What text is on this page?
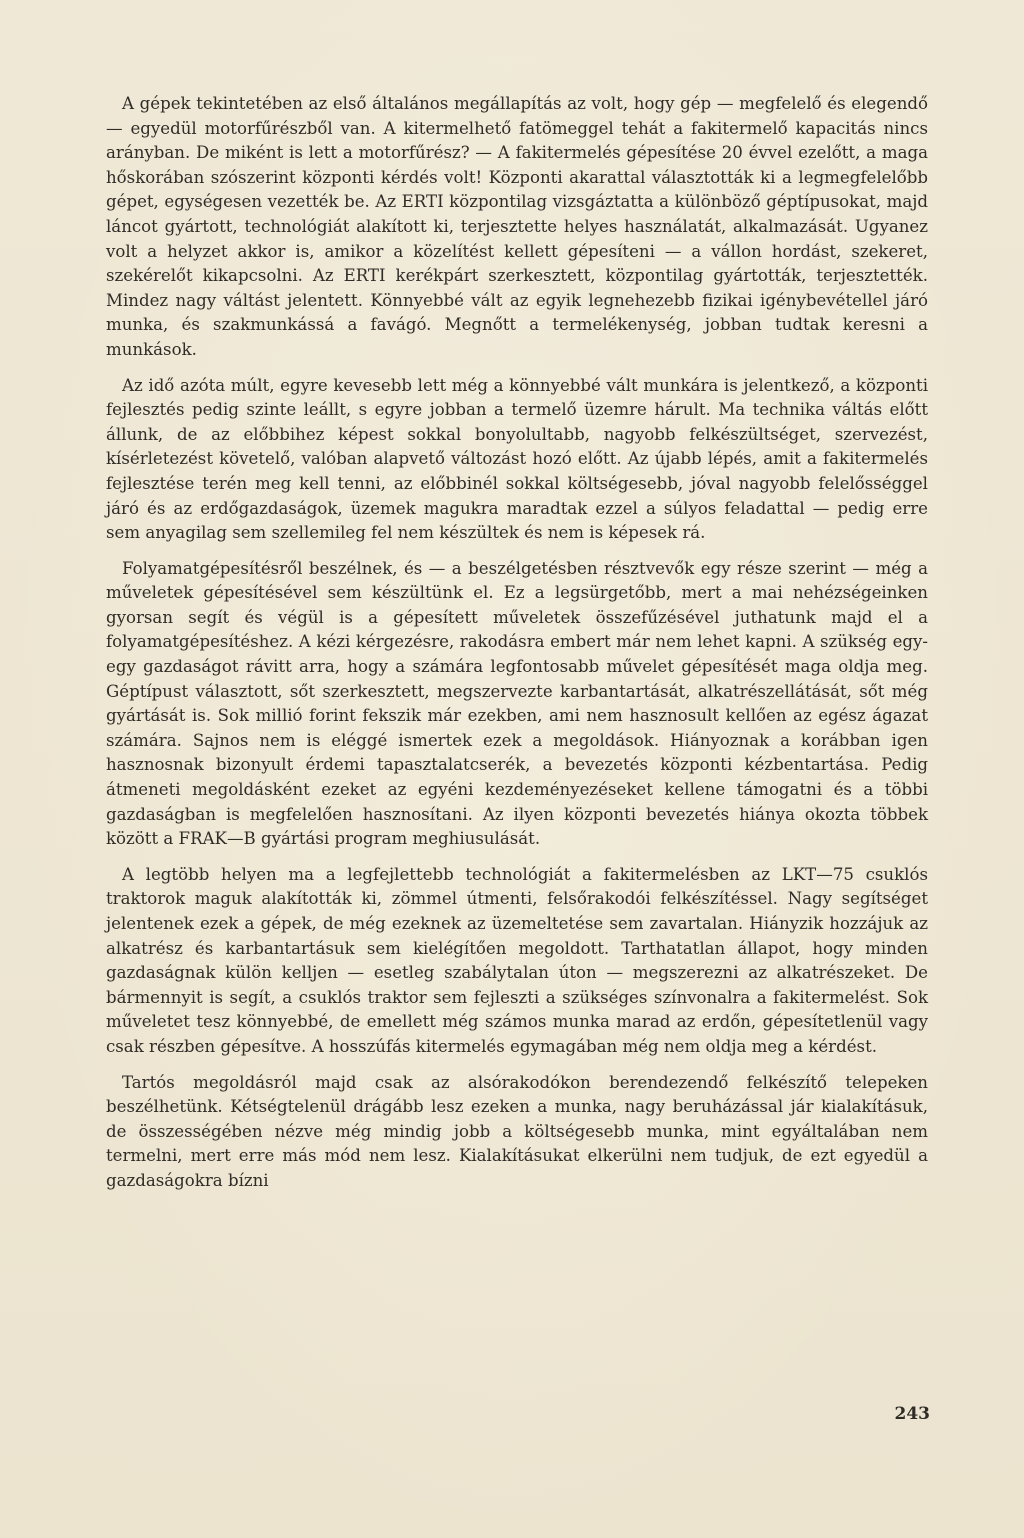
A gépek tekintetében az első általános megállapítás az volt, hogy gép — megfelelő és elegendő — egyedül motorfűrészből van. A kitermelhető fatömeggel tehát a fakitermelő kapacitás nincs arányban. De miként is lett a motorfűrész? — A fakitermelés gépesítése 20 évvel ezelőtt, a maga hőskorában szószerint központi kérdés volt! Központi akarattal választották ki a legmegfelelőbb gépet, egységesen vezették be. Az ERTI központilag vizsgáztatta a különböző géptípusokat, majd láncot gyártott, technológiát alakított ki, terjesztette helyes használatát, alkalmazását. Ugyanez volt a helyzet akkor is, amikor a közelítést kellett gépesíteni — a vállon hordást, szekeret, szekérelőt kikapcsolni. Az ERTI kerékpárt szerkesztett, központilag gyártották, terjesztették. Mindez nagy váltást jelentett. Könnyebbé vált az egyik legnehezebb fizikai igénybevétellel járó munka, és szakmunkássá a favágó. Megnőtt a termelékenység, jobban tudtak keresni a munkások.

Az idő azóta múlt, egyre kevesebb lett még a könnyebbé vált munkára is jelentkező, a központi fejlesztés pedig szinte leállt, s egyre jobban a termelő üzemre hárult. Ma technika váltás előtt állunk, de az előbbihez képest sokkal bonyolultabb, nagyobb felkészültséget, szervezést, kísérletezést követelő, valóban alapvető változást hozó előtt. Az újabb lépés, amit a fakitermelés fejlesztése terén meg kell tenni, az előbbinél sokkal költségesebb, jóval nagyobb felelősséggel járó és az erdőgazdaságok, üzemek magukra maradtak ezzel a súlyos feladattal — pedig erre sem anyagilag sem szellemileg fel nem készültek és nem is képesek rá.

Folyamatgépesítésről beszélnek, és — a beszélgetésben résztvevők egy része szerint — még a műveletek gépesítésével sem készültünk el. Ez a legsürgetőbb, mert a mai nehézségeinken gyorsan segít és végül is a gépesített műveletek összefűzésével juthatunk majd el a folyamatgépesítéshez. A kézi kérgezésre, rakodásra embert már nem lehet kapni. A szükség egy-egy gazdaságot rávitt arra, hogy a számára legfontosabb művelet gépesítését maga oldja meg. Géptípust választott, sőt szerkesztett, megszervezte karbantartását, alkatrészellátását, sőt még gyártását is. Sok millió forint fekszik már ezekben, ami nem hasznosult kellően az egész ágazat számára. Sajnos nem is eléggé ismertek ezek a megoldások. Hiányoznak a korábban igen hasznosnak bizonyult érdemi tapasztalatcserék, a bevezetés központi kézbentartása. Pedig átmeneti megoldásként ezeket az egyéni kezdeményezéseket kellene támogatni és a többi gazdaságban is megfelelően hasznosítani. Az ilyen központi bevezetés hiánya okozta többek között a FRAK—B gyártási program meghiusulását.

A legtöbb helyen ma a legfejlettebb technológiát a fakitermelésben az LKT—75 csuklós traktorok maguk alakították ki, zömmel útmenti, felsőrakodói felkészítéssel. Nagy segítséget jelentenek ezek a gépek, de még ezeknek az üzemeltetése sem zavartalan. Hiányzik hozzájuk az alkatrész és karbantartásuk sem kielégítően megoldott. Tarthatatlan állapot, hogy minden gazdaságnak külön kelljen — esetleg szabálytalan úton — megszerezni az alkatrészeket. De bármennyit is segít, a csuklós traktor sem fejleszti a szükséges színvonalra a fakitermelést. Sok műveletet tesz könnyebbé, de emellett még számos munka marad az erdőn, gépesítetlenül vagy csak részben gépesítve. A hosszúfás kitermelés egymagában még nem oldja meg a kérdést.

Tartós megoldásról majd csak az alsórakodókon berendezendő felkészítő telepeken beszélhetünk. Kétségtelenül drágább lesz ezeken a munka, nagy beruházással jár kialakításuk, de összességében nézve még mindig jobb a költségesebb munka, mint egyáltalában nem termelni, mert erre más mód nem lesz. Kialakításukat elkerülni nem tudjuk, de ezt egyedül a gazdaságokra bízni

243
